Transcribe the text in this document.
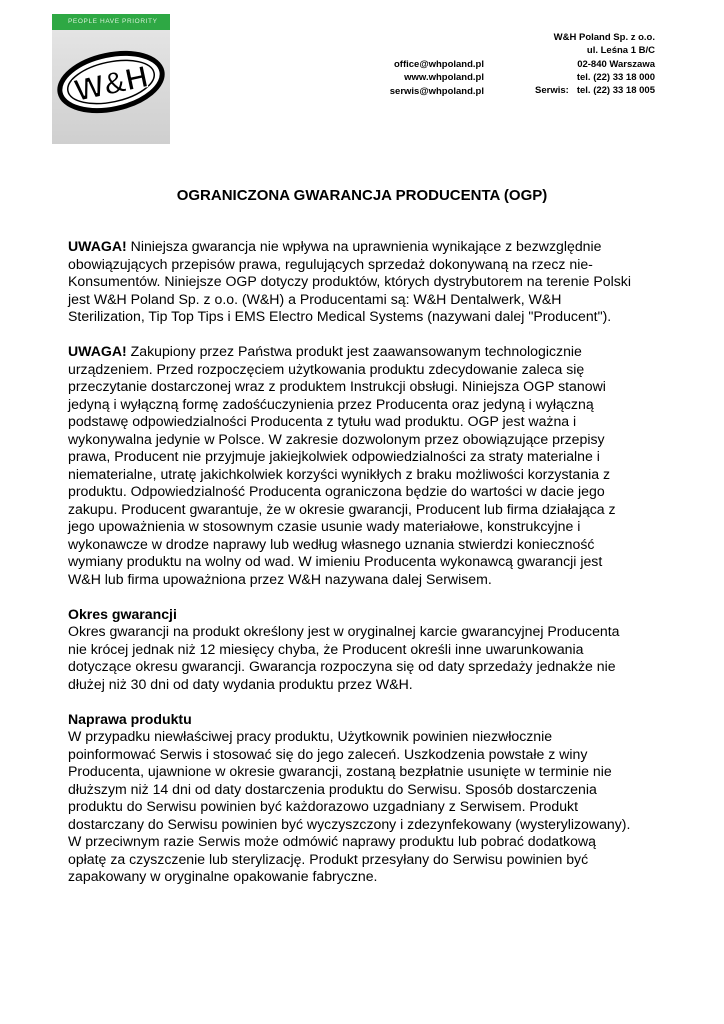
PEOPLE HAVE PRIORITY
W&H	office@whpoland.pl
www.whpoland.pl
serwis@whpoland.pl
W&H Poland Sp. z o.o.
ul. Leśna 1 B/C
02-840 Warszawa
tel. (22) 33 18 000
Serwis: tel. (22) 33 18 005
OGRANICZONA GWARANCJA PRODUCENTA (OGP)

UWAGA! Niniejsza gwarancja nie wpływa na uprawnienia wynikające z bezwzględnie
obowiązujących przepisów prawa, regulujących sprzedaż dokonywaną na rzecz nie-
Konsumentów. Niniejsze OGP dotyczy produktów, których dystrybutorem na terenie Polski
jest W&H Poland Sp. z o.o. (W&H) a Producentami są: W&H Dentalwerk, W&H
Sterilization, Tip Top Tips i EMS Electro Medical Systems (nazywani dalej "Producent").

UWAGA! Zakupiony przez Państwa produkt jest zaawansowanym technologicznie
urządzeniem. Przed rozpoczęciem użytkowania produktu zdecydowanie zaleca się
przeczytanie dostarczonej wraz z produktem Instrukcji obsługi. Niniejsza OGP stanowi
jedyną i wyłączną formę zadośćuczynienia przez Producenta oraz jedyną i wyłączną
podstawę odpowiedzialności Producenta z tytułu wad produktu. OGP jest ważna i
wykonywalna jedynie w Polsce. W zakresie dozwolonym przez obowiązujące przepisy
prawa, Producent nie przyjmuje jakiejkolwiek odpowiedzialności za straty materialne i
niematerialne, utratę jakichkolwiek korzyści wynikłych z braku możliwości korzystania z
produktu. Odpowiedzialność Producenta ograniczona będzie do wartości w dacie jego
zakupu. Producent gwarantuje, że w okresie gwarancji, Producent lub firma działająca z
jego upoważnienia w stosownym czasie usunie wady materiałowe, konstrukcyjne i
wykonawcze w drodze naprawy lub według własnego uznania stwierdzi konieczność
wymiany produktu na wolny od wad. W imieniu Producenta wykonawcą gwarancji jest
W&H lub firma upoważniona przez W&H nazywana dalej Serwisem.

Okres gwarancji
Okres gwarancji na produkt określony jest w oryginalnej karcie gwarancyjnej Producenta
nie krócej jednak niż 12 miesięcy chyba, że Producent określi inne uwarunkowania
dotyczące okresu gwarancji. Gwarancja rozpoczyna się od daty sprzedaży jednakże nie
dłużej niż 30 dni od daty wydania produktu przez W&H.

Naprawa produktu
W przypadku niewłaściwej pracy produktu, Użytkownik powinien niezwłocznie
poinformować Serwis i stosować się do jego zaleceń. Uszkodzenia powstałe z winy
Producenta, ujawnione w okresie gwarancji, zostaną bezpłatnie usunięte w terminie nie
dłuższym niż 14 dni od daty dostarczenia produktu do Serwisu. Sposób dostarczenia
produktu do Serwisu powinien być każdorazowo uzgadniany z Serwisem. Produkt
dostarczany do Serwisu powinien być wyczyszczony i zdezynfekowany (wysterylizowany).
W przeciwnym razie Serwis może odmówić naprawy produktu lub pobrać dodatkową
opłatę za czyszczenie lub sterylizację. Produkt przesyłany do Serwisu powinien być
zapakowany w oryginalne opakowanie fabryczne.
